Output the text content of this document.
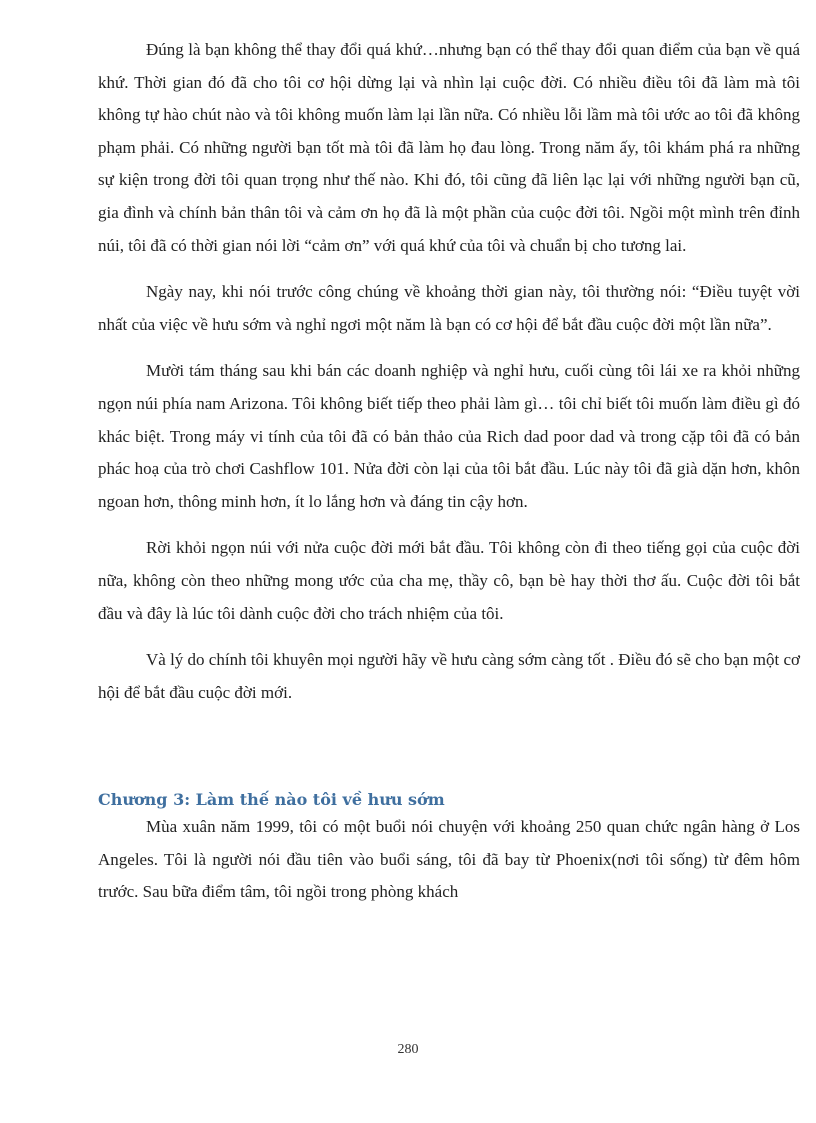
Đúng là bạn không thể thay đổi quá khứ…nhưng bạn có thể thay đổi quan điểm của bạn về quá khứ. Thời gian đó đã cho tôi cơ hội dừng lại và nhìn lại cuộc đời. Có nhiều điều tôi đã làm mà tôi không tự hào chút nào và tôi không muốn làm lại lần nữa. Có nhiều lỗi lầm mà tôi ước ao tôi đã không phạm phải. Có những người bạn tốt mà tôi đã làm họ đau lòng. Trong năm ấy, tôi khám phá ra những sự kiện trong đời tôi quan trọng như thế nào. Khi đó, tôi cũng đã liên lạc lại với những người bạn cũ, gia đình và chính bản thân tôi và cảm ơn họ đã là một phần của cuộc đời tôi. Ngồi một mình trên đỉnh núi, tôi đã có thời gian nói lời “cảm ơn” với quá khứ của tôi và chuẩn bị cho tương lai.

Ngày nay, khi nói trước công chúng về khoảng thời gian này, tôi thường nói: “Điều tuyệt vời nhất của việc về hưu sớm và nghỉ ngơi một năm là bạn có cơ hội để bắt đầu cuộc đời một lần nữa”.

Mười tám tháng sau khi bán các doanh nghiệp và nghỉ hưu, cuối cùng tôi lái xe ra khỏi những ngọn núi phía nam Arizona. Tôi không biết tiếp theo phải làm gì… tôi chỉ biết tôi muốn làm điều gì đó khác biệt. Trong máy vi tính của tôi đã có bản thảo của Rich dad poor dad và trong cặp tôi đã có bản phác hoạ của trò chơi Cashflow 101. Nửa đời còn lại của tôi bắt đầu. Lúc này tôi đã già dặn hơn, khôn ngoan hơn, thông minh hơn, ít lo lắng hơn và đáng tin cậy hơn.

Rời khỏi ngọn núi với nửa cuộc đời mới bắt đầu. Tôi không còn đi theo tiếng gọi của cuộc đời nữa, không còn theo những mong ước của cha mẹ, thầy cô, bạn bè hay thời thơ ấu. Cuộc đời tôi bắt đầu và đây là lúc tôi dành cuộc đời cho trách nhiệm của tôi.

Và lý do chính tôi khuyên mọi người hãy về hưu càng sớm càng tốt . Điều đó sẽ cho bạn một cơ hội để bắt đầu cuộc đời mới.

Chương 3: Làm thế nào tôi về hưu sớm

Mùa xuân năm 1999, tôi có một buổi nói chuyện với khoảng 250 quan chức ngân hàng ở Los Angeles. Tôi là người nói đầu tiên vào buổi sáng, tôi đã bay từ Phoenix(nơi tôi sống) từ đêm hôm trước. Sau bữa điểm tâm, tôi ngồi trong phòng khách

280
